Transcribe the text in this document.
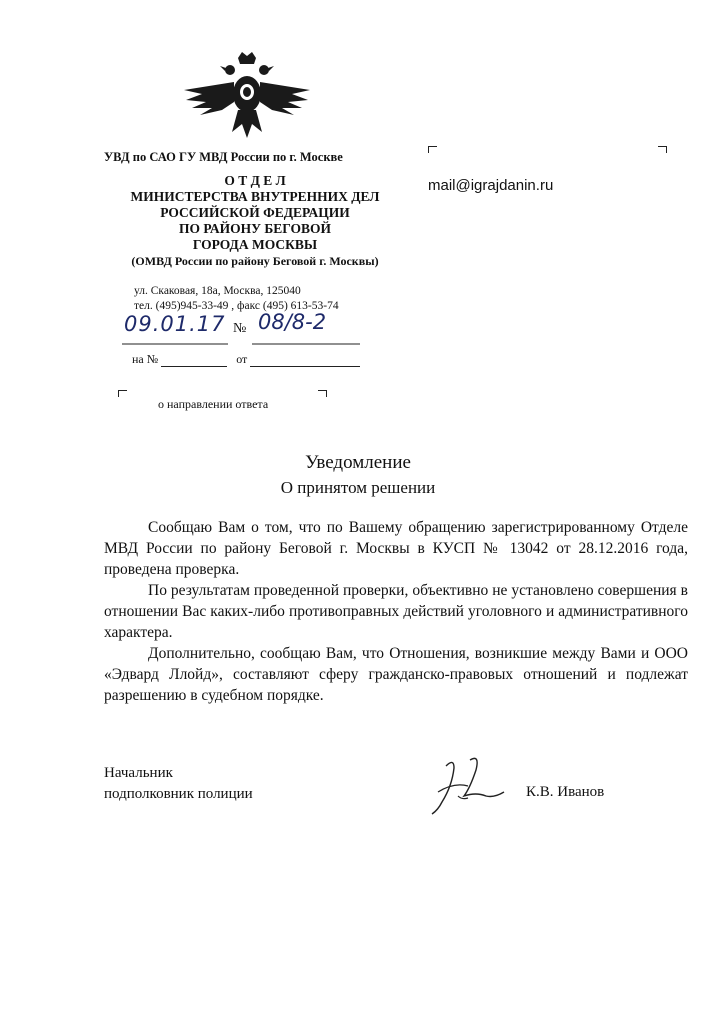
УВД по САО ГУ МВД России по г. Москве
О Т Д Е Л
МИНИСТЕРСТВА ВНУТРЕННИХ ДЕЛ
РОССИЙСКОЙ ФЕДЕРАЦИИ
ПО РАЙОНУ БЕГОВОЙ
ГОРОДА МОСКВЫ
(ОМВД России по району Беговой г. Москвы)
ул. Скаковая, 18а, Москва, 125040
тел. (495)945-33-49 , факс (495) 613-53-74
09.01.17 № 08/8-2
на №	от
о направлении ответа
mail@igrajdanin.ru
Уведомление
О принятом решении

Сообщаю Вам о том, что по Вашему обращению зарегистрированному Отделе МВД России по району Беговой г. Москвы в КУСП № 13042 от 28.12.2016 года, проведена проверка.

По результатам проведенной проверки, объективно не установлено совершения в отношении Вас каких-либо противоправных действий уголовного и административного характера.

Дополнительно, сообщаю Вам, что Отношения, возникшие между Вами и ООО «Эдвард Ллойд», составляют сферу гражданско-правовых отношений и подлежат разрешению в судебном порядке.

Начальник
подполковник полиции	К.В. Иванов
